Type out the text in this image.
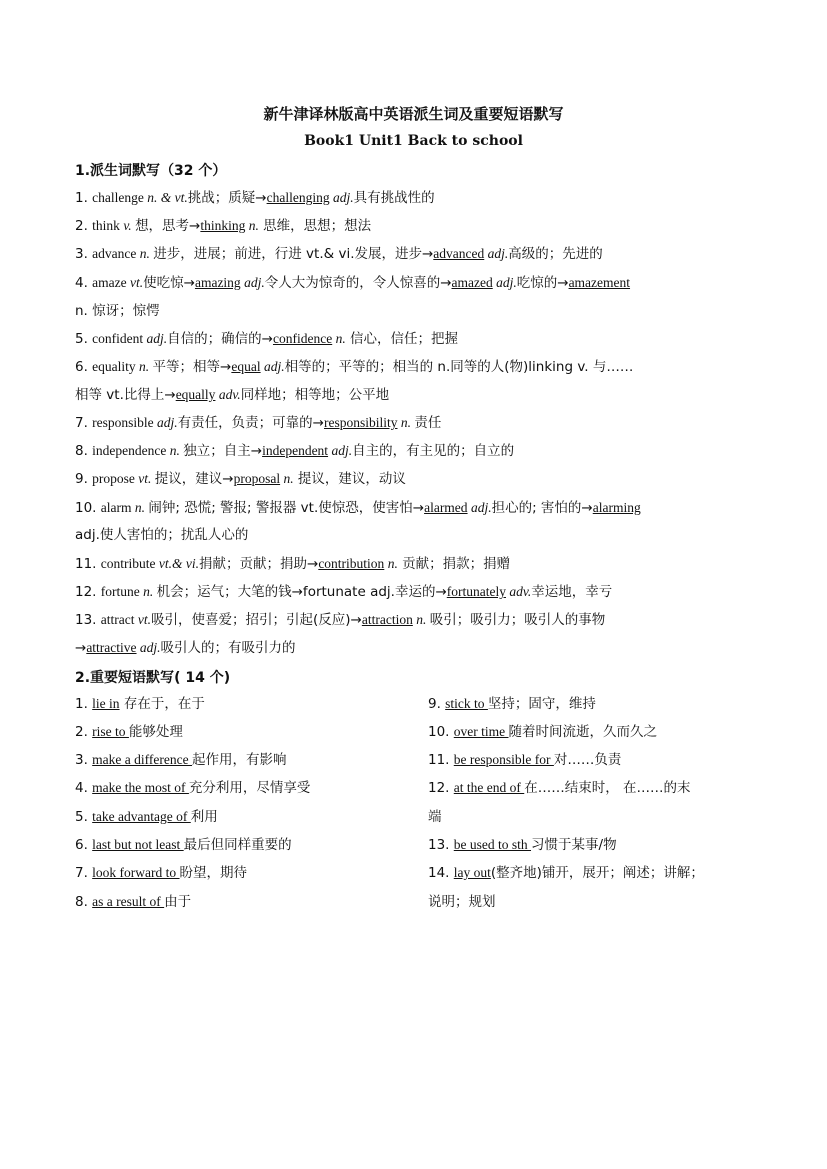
新牛津译林版高中英语派生词及重要短语默写
Book1 Unit1 Back to school
1.派生词默写（32 个）
1. challenge n. & vt.挑战；质疑→challenging adj.具有挑战性的
2. think v. 想，思考→thinking n. 思维，思想；想法
3. advance n. 进步，进展；前进，行进 vt.& vi.发展，进步→advanced adj.高级的；先进的
4. amaze vt.使吃惊→amazing adj.令人大为惊奇的，令人惊喜的→amazed adj.吃惊的→amazement
n. 惊讶；惊愕
5. confident adj.自信的；确信的→confidence n. 信心，信任；把握
6. equality n. 平等；相等→equal adj.相等的；平等的；相当的 n.同等的人(物)linking v. 与……
相等 vt.比得上→equally adv.同样地；相等地；公平地
7. responsible adj.有责任，负责；可靠的→responsibility n. 责任
8. independence n. 独立；自主→independent adj.自主的，有主见的；自立的
9. propose vt. 提议，建议→proposal n. 提议，建议，动议
10. alarm n. 闹钟; 恐慌; 警报; 警报器 vt.使惊恐，使害怕→alarmed adj.担心的; 害怕的→alarming
adj.使人害怕的；扰乱人心的
11. contribute vt.& vi.捐献；贡献；捐助→contribution n. 贡献；捐款；捐赠
12. fortune n. 机会；运气；大笔的钱→fortunate adj.幸运的→fortunately adv.幸运地，幸亏
13. attract vt.吸引，使喜爱；招引；引起(反应)→attraction n. 吸引；吸引力；吸引人的事物
→attractive adj.吸引人的；有吸引力的
2.重要短语默写( 14 个)
1. lie in 存在于，在于
2. rise to 能够处理
3. make a difference 起作用，有影响
4. make the most of 充分利用，尽情享受
5. take advantage of 利用
6. last but not least 最后但同样重要的
7. look forward to 盼望，期待
8. as a result of 由于
9. stick to 坚持；固守，维持
10. over time 随着时间流逝，久而久之
11. be responsible for 对……负责
12. at the end of 在……结束时， 在……的末
端
13. be used to sth 习惯于某事/物
14. lay out(整齐地)铺开，展开；阐述；讲解；
说明；规划
